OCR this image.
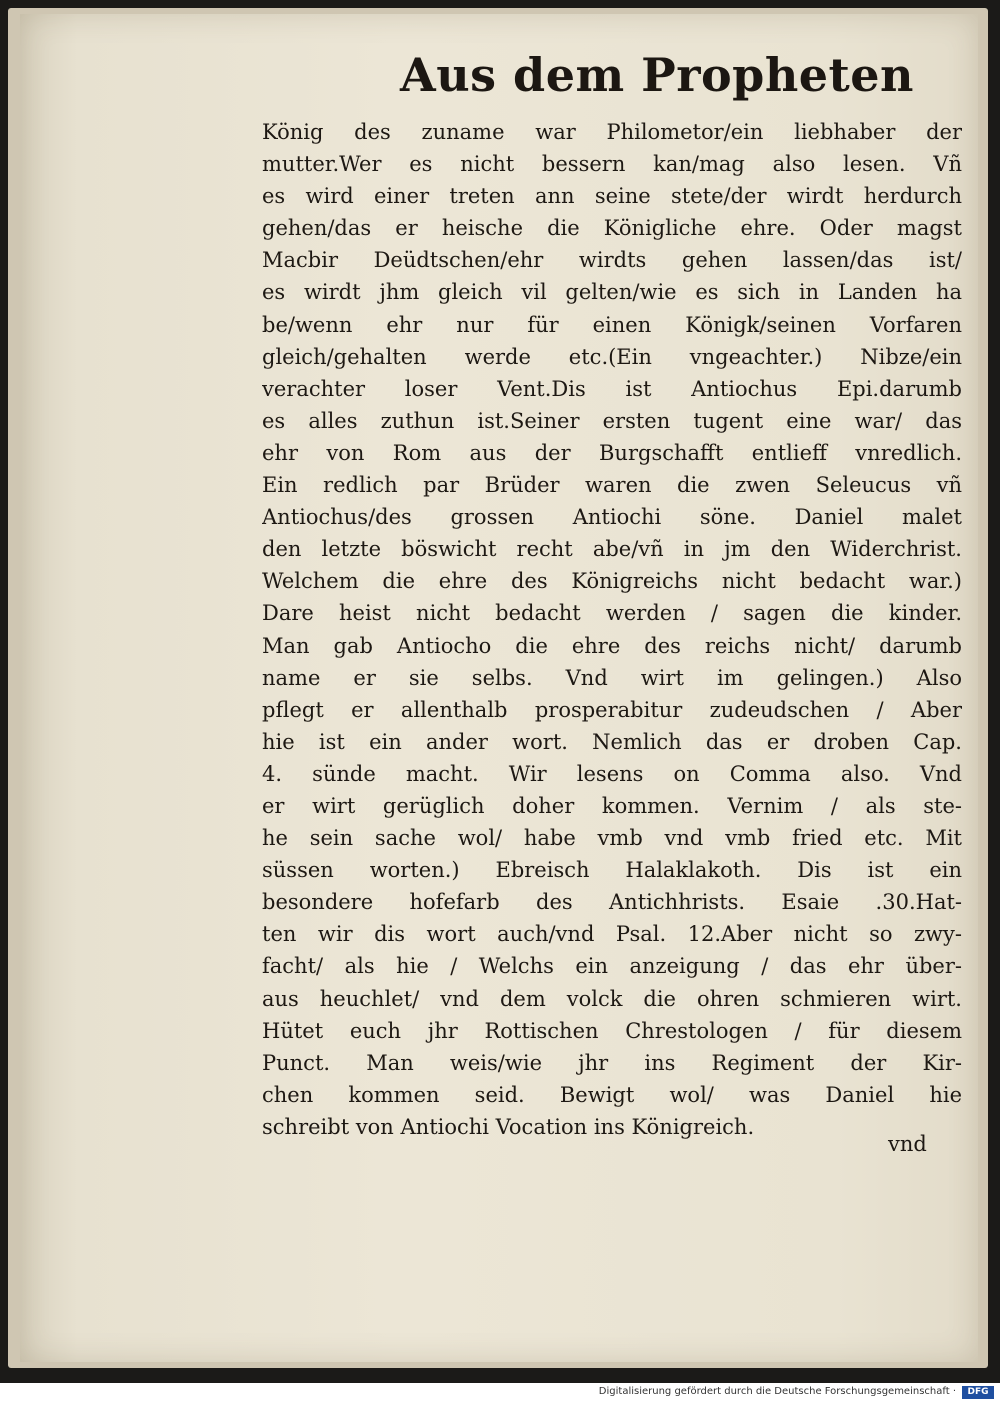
Aus dem Propheten
König des zuname war Philometor/ein liebhaber der
mutter.Wer es nicht bessern kan/mag also lesen. Vñ
es wird einer treten ann seine stete/der wirdt herdurch
gehen/das er heische die Königliche ehre. Oder magst
Macbir Deüdtschen/ehr wirdts gehen lassen/das ist/
es wirdt jhm gleich vil gelten/wie es sich in Landen ha
be/wenn ehr nur für einen Königk/seinen Vorfaren
gleich/gehalten werde etc.(Ein vngeachter.) Nibze/ein
verachter loser Vent.Dis ist Antiochus Epi.darumb
es alles zuthun ist.Seiner ersten tugent eine war/ das
ehr von Rom aus der Burgschafft entlieff vnredlich.
Ein redlich par Brüder waren die zwen Seleucus vñ
Antiochus/des grossen Antiochi söne. Daniel malet
den letzte böswicht recht abe/vñ in jm den Widerchrist.
Welchem die ehre des Königreichs nicht bedacht war.)
Dare heist nicht bedacht werden / sagen die kinder.
Man gab Antiocho die ehre des reichs nicht/ darumb
name er sie selbs. Vnd wirt im gelingen.) Also
pflegt er allenthalb prosperabitur zudeudschen / Aber
hie ist ein ander wort. Nemlich das er droben Cap.
4. sünde macht. Wir lesens on Comma also. Vnd
er wirt gerüglich doher kommen. Vernim / als ste-
he sein sache wol/ habe vmb vnd vmb fried etc. Mit
süssen worten.) Ebreisch Halaklakoth. Dis ist ein
besondere hofefarb des Antichhrists. Esaie .30.Hat-
ten wir dis wort auch/vnd Psal. 12.Aber nicht so zwy-
facht/ als hie / Welchs ein anzeigung / das ehr über-
aus heuchlet/ vnd dem volck die ohren schmieren wirt.
Hütet euch jhr Rottischen Chrestologen / für diesem
Punct. Man weis/wie jhr ins Regiment der Kir-
chen kommen seid. Bewigt wol/ was Daniel hie
schreibt von Antiochi Vocation ins Königreich.
vnd
Digitalisierung gefördert durch die Deutsche Forschungsgemeinschaft ·	DFG
